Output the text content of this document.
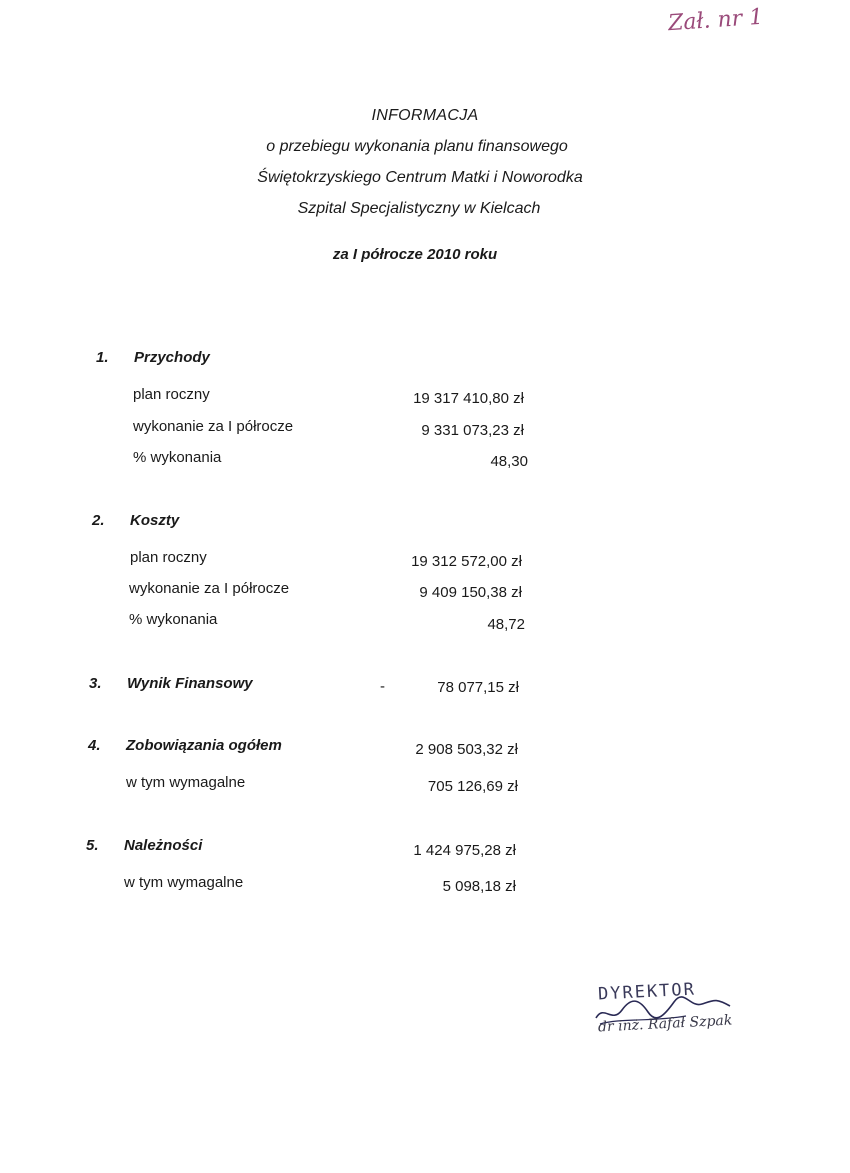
Zał. nr 1
INFORMACJA
o przebiegu wykonania planu finansowego
Świętokrzyskiego Centrum Matki i Noworodka
Szpital Specjalistyczny w Kielcach
za I półrocze 2010 roku
1. Przychody
plan roczny	19 317 410,80 zł
wykonanie za I półrocze	9 331 073,23 zł
% wykonania	48,30
2. Koszty
plan roczny	19 312 572,00 zł
wykonanie za I półrocze	9 409 150,38 zł
% wykonania	48,72
3. Wynik Finansowy	-	78 077,15 zł
4. Zobowiązania ogółem	2 908 503,32 zł
w tym wymagalne	705 126,69 zł
5. Należności	1 424 975,28 zł
w tym wymagalne	5 098,18 zł
DYREKTOR
dr inż. Rafał Szpak
